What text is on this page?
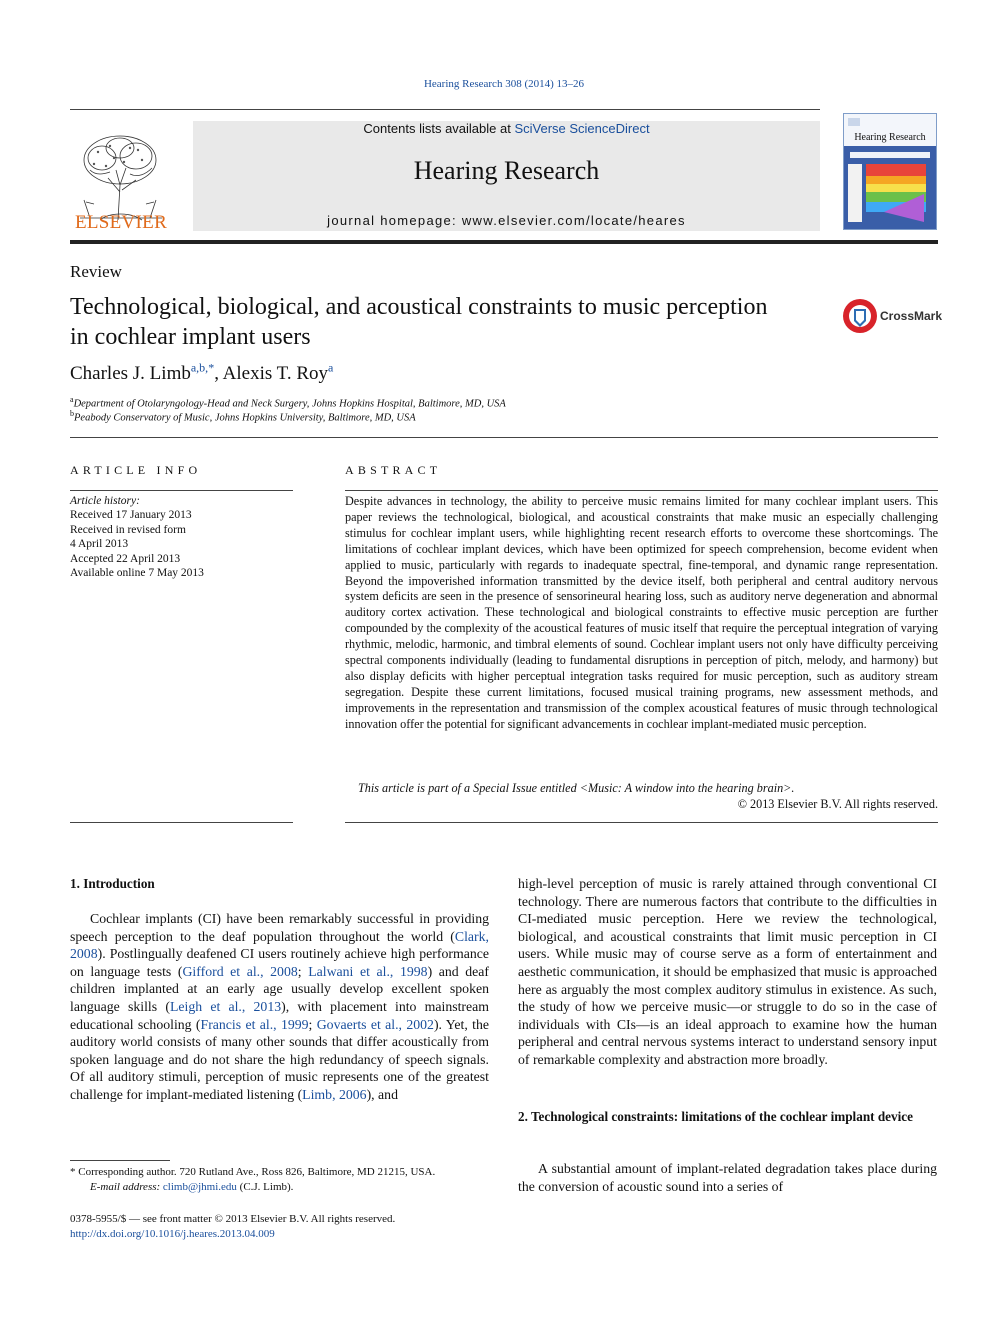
Hearing Research 308 (2014) 13–26
ELSEVIER
Contents lists available at SciVerse ScienceDirect
Hearing Research
journal homepage: www.elsevier.com/locate/heares
Hearing Research
Review
Technological, biological, and acoustical constraints to music perception in cochlear implant users
CrossMark
Charles J. Limb$^{a,b,*}$, Alexis T. Roy$^a$
$^a$Department of Otolaryngology-Head and Neck Surgery, Johns Hopkins Hospital, Baltimore, MD, USA
$^b$Peabody Conservatory of Music, Johns Hopkins University, Baltimore, MD, USA
ARTICLE INFO	ABSTRACT
Article history:
Received 17 January 2013
Received in revised form
4 April 2013
Accepted 22 April 2013
Available online 7 May 2013
Despite advances in technology, the ability to perceive music remains limited for many cochlear implant users. This paper reviews the technological, biological, and acoustical constraints that make music an especially challenging stimulus for cochlear implant users, while highlighting recent research efforts to overcome these shortcomings. The limitations of cochlear implant devices, which have been optimized for speech comprehension, become evident when applied to music, particularly with regards to inadequate spectral, fine-temporal, and dynamic range representation. Beyond the impoverished information transmitted by the device itself, both peripheral and central auditory nervous system deficits are seen in the presence of sensorineural hearing loss, such as auditory nerve degeneration and abnormal auditory cortex activation. These technological and biological constraints to effective music perception are further compounded by the complexity of the acoustical features of music itself that require the perceptual integration of varying rhythmic, melodic, harmonic, and timbral elements of sound. Cochlear implant users not only have difficulty perceiving spectral components individually (leading to fundamental disruptions in perception of pitch, melody, and harmony) but also display deficits with higher perceptual integration tasks required for music perception, such as auditory stream segregation. Despite these current limitations, focused musical training programs, new assessment methods, and improvements in the representation and transmission of the complex acoustical features of music through technological innovation offer the potential for significant advancements in cochlear implant-mediated music perception.
This article is part of a Special Issue entitled <Music: A window into the hearing brain>.
© 2013 Elsevier B.V. All rights reserved.
1. Introduction
Cochlear implants (CI) have been remarkably successful in providing speech perception to the deaf population throughout the world (Clark, 2008). Postlingually deafened CI users routinely achieve high performance on language tests (Gifford et al., 2008; Lalwani et al., 1998) and deaf children implanted at an early age usually develop excellent spoken language skills (Leigh et al., 2013), with placement into mainstream educational schooling (Francis et al., 1999; Govaerts et al., 2002). Yet, the auditory world consists of many other sounds that differ acoustically from spoken language and do not share the high redundancy of speech signals. Of all auditory stimuli, perception of music represents one of the greatest challenge for implant-mediated listening (Limb, 2006), and
high-level perception of music is rarely attained through conventional CI technology. There are numerous factors that contribute to the difficulties in CI-mediated music perception. Here we review the technological, biological, and acoustical constraints that limit music perception in CI users. While music may of course serve as a form of entertainment and aesthetic communication, it should be emphasized that music is approached here as arguably the most complex auditory stimulus in existence. As such, the study of how we perceive music—or struggle to do so in the case of individuals with CIs—is an ideal approach to examine how the human peripheral and central nervous systems interact to understand sensory input of remarkable complexity and abstraction more broadly.
2. Technological constraints: limitations of the cochlear implant device
A substantial amount of implant-related degradation takes place during the conversion of acoustic sound into a series of
* Corresponding author. 720 Rutland Ave., Ross 826, Baltimore, MD 21215, USA.
E-mail address: climb@jhmi.edu (C.J. Limb).
0378-5955/$ — see front matter © 2013 Elsevier B.V. All rights reserved.
http://dx.doi.org/10.1016/j.heares.2013.04.009
